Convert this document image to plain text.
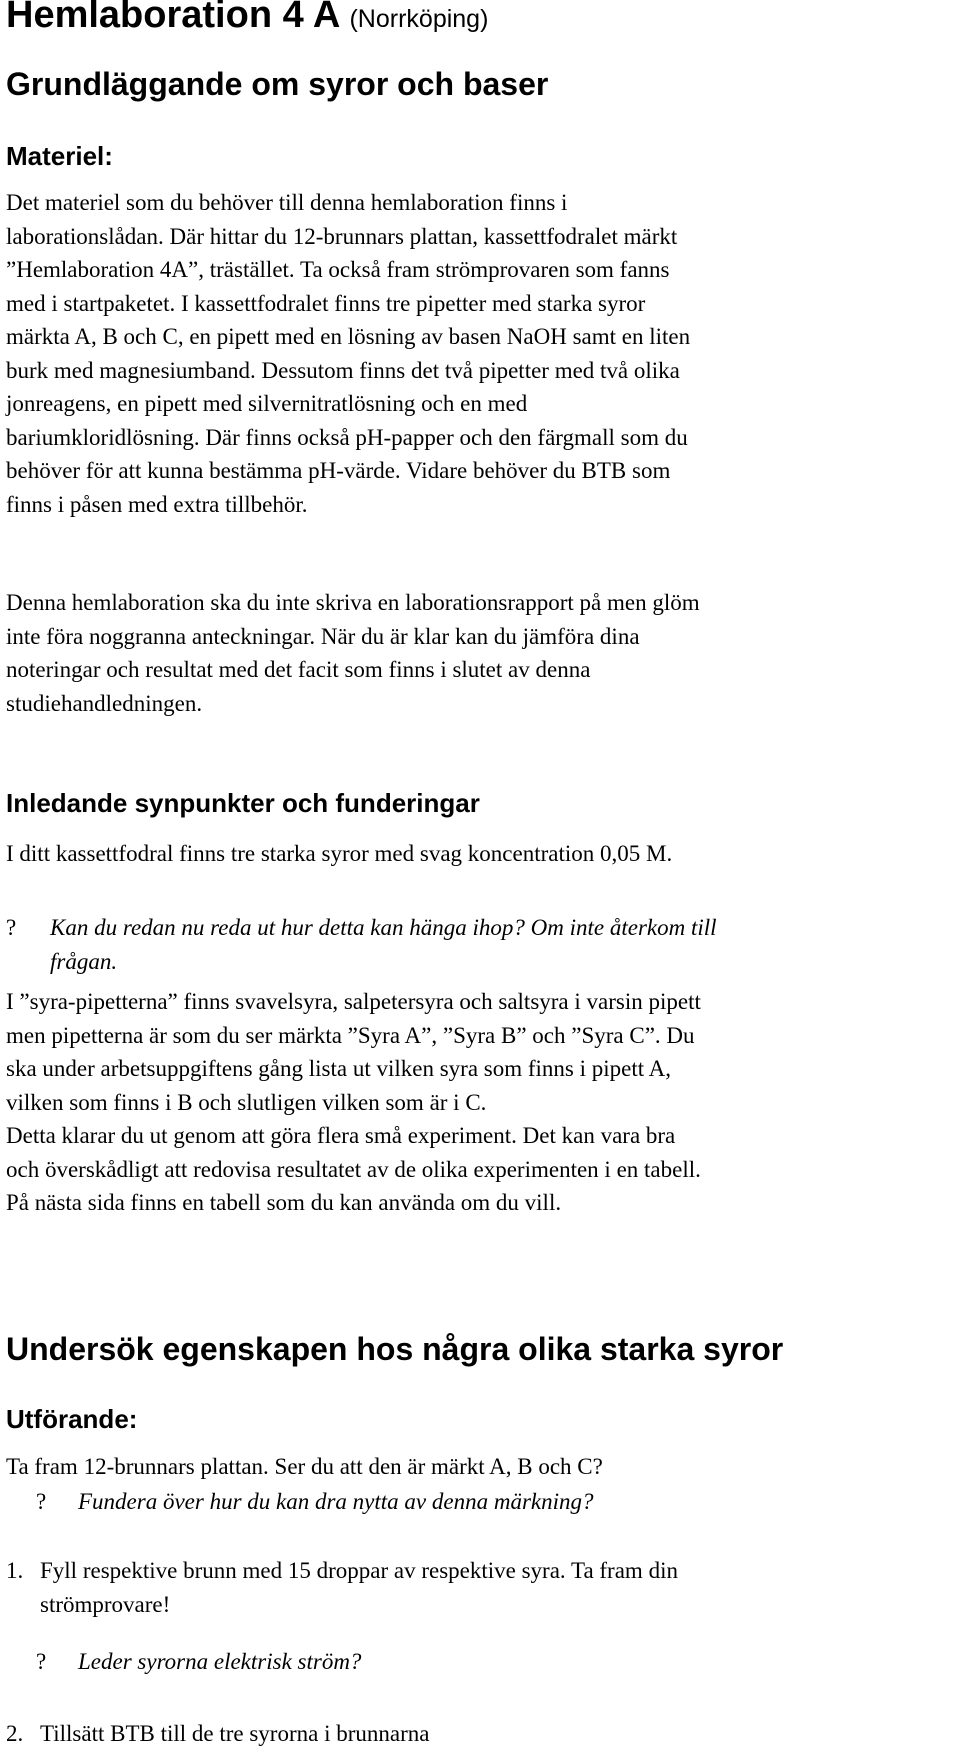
Hemlaboration 4 A (Norrköping)
Grundläggande om syror och baser
Materiel:
Det materiel som du behöver till denna hemlaboration finns i
laborationslådan. Där hittar du 12-brunnars plattan, kassettfodralet märkt
”Hemlaboration 4A”, trästället. Ta också fram strömprovaren som fanns
med i startpaketet. I kassettfodralet finns tre pipetter med starka syror
märkta A, B och C, en pipett med en lösning av basen NaOH samt en liten
burk med magnesiumband. Dessutom finns det två pipetter med två olika
jonreagens, en pipett med silvernitratlösning och en med
bariumkloridlösning. Där finns också pH-papper och den färgmall som du
behöver för att kunna bestämma pH-värde. Vidare behöver du BTB som
finns i påsen med extra tillbehör.
Denna hemlaboration ska du inte skriva en laborationsrapport på men glöm
inte föra noggranna anteckningar. När du är klar kan du jämföra dina
noteringar och resultat med det facit som finns i slutet av denna
studiehandledningen.
Inledande synpunkter och funderingar
I ditt kassettfodral finns tre starka syror med svag koncentration 0,05 M.
? Kan du redan nu reda ut hur detta kan hänga ihop? Om inte återkom till
frågan.
I ”syra-pipetterna” finns svavelsyra, salpetersyra och saltsyra i varsin pipett
men pipetterna är som du ser märkta ”Syra A”, ”Syra B” och ”Syra C”. Du
ska under arbetsuppgiftens gång lista ut vilken syra som finns i pipett A,
vilken som finns i B och slutligen vilken som är i C.
Detta klarar du ut genom att göra flera små experiment. Det kan vara bra
och överskådligt att redovisa resultatet av de olika experimenten i en tabell.
På nästa sida finns en tabell som du kan använda om du vill.
Undersök egenskapen hos några olika starka syror
Utförande:
Ta fram 12-brunnars plattan. Ser du att den är märkt A, B och C?
? Fundera över hur du kan dra nytta av denna märkning?
1. Fyll respektive brunn med 15 droppar av respektive syra. Ta fram din
strömprovare!
? Leder syrorna elektrisk ström?
2. Tillsätt BTB till de tre syrorna i brunnarna
